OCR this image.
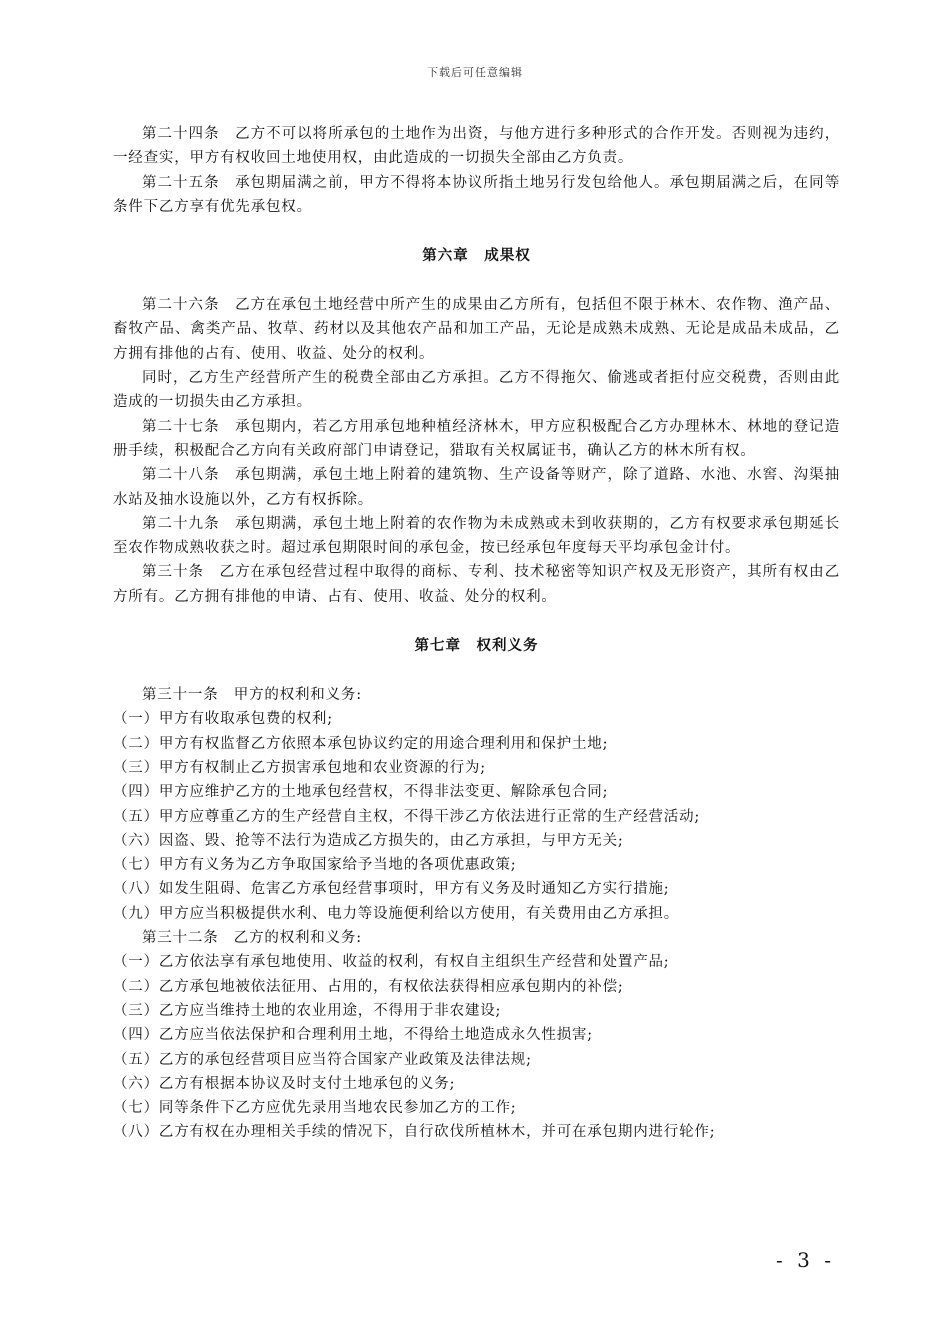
下载后可任意编辑

第二十四条　乙方不可以将所承包的土地作为出资，与他方进行多种形式的合作开发。否则视为违约，一经查实，甲方有权收回土地使用权，由此造成的一切损失全部由乙方负责。

第二十五条　承包期届满之前，甲方不得将本协议所指土地另行发包给他人。承包期届满之后，在同等条件下乙方享有优先承包权。

第六章　成果权

第二十六条　乙方在承包土地经营中所产生的成果由乙方所有，包括但不限于林木、农作物、渔产品、畜牧产品、禽类产品、牧草、药材以及其他农产品和加工产品，无论是成熟未成熟、无论是成品未成品，乙方拥有排他的占有、使用、收益、处分的权利。

同时，乙方生产经营所产生的税费全部由乙方承担。乙方不得拖欠、偷逃或者拒付应交税费，否则由此造成的一切损失由乙方承担。

第二十七条　承包期内，若乙方用承包地种植经济林木，甲方应积极配合乙方办理林木、林地的登记造册手续，积极配合乙方向有关政府部门申请登记，猎取有关权属证书，确认乙方的林木所有权。

第二十八条　承包期满，承包土地上附着的建筑物、生产设备等财产，除了道路、水池、水窖、沟渠抽水站及抽水设施以外，乙方有权拆除。

第二十九条　承包期满，承包土地上附着的农作物为未成熟或未到收获期的，乙方有权要求承包期延长至农作物成熟收获之时。超过承包期限时间的承包金，按已经承包年度每天平均承包金计付。

第三十条　乙方在承包经营过程中取得的商标、专利、技术秘密等知识产权及无形资产，其所有权由乙方所有。乙方拥有排他的申请、占有、使用、收益、处分的权利。

第七章　权利义务

第三十一条　甲方的权利和义务:

（一）甲方有收取承包费的权利;

（二）甲方有权监督乙方依照本承包协议约定的用途合理利用和保护土地;

（三）甲方有权制止乙方损害承包地和农业资源的行为;

（四）甲方应维护乙方的土地承包经营权，不得非法变更、解除承包合同;

（五）甲方应尊重乙方的生产经营自主权，不得干涉乙方依法进行正常的生产经营活动;

（六）因盗、毁、抢等不法行为造成乙方损失的，由乙方承担，与甲方无关;

（七）甲方有义务为乙方争取国家给予当地的各项优惠政策;

（八）如发生阻碍、危害乙方承包经营事项时，甲方有义务及时通知乙方实行措施;

（九）甲方应当积极提供水利、电力等设施便利给以方使用，有关费用由乙方承担。

第三十二条　乙方的权利和义务:

（一）乙方依法享有承包地使用、收益的权利，有权自主组织生产经营和处置产品;

（二）乙方承包地被依法征用、占用的，有权依法获得相应承包期内的补偿;

（三）乙方应当维持土地的农业用途，不得用于非农建设;

（四）乙方应当依法保护和合理利用土地，不得给土地造成永久性损害;

（五）乙方的承包经营项目应当符合国家产业政策及法律法规;

（六）乙方有根据本协议及时支付土地承包的义务;

（七）同等条件下乙方应优先录用当地农民参加乙方的工作;

（八）乙方有权在办理相关手续的情况下，自行砍伐所植林木，并可在承包期内进行轮作;

- 3 -
